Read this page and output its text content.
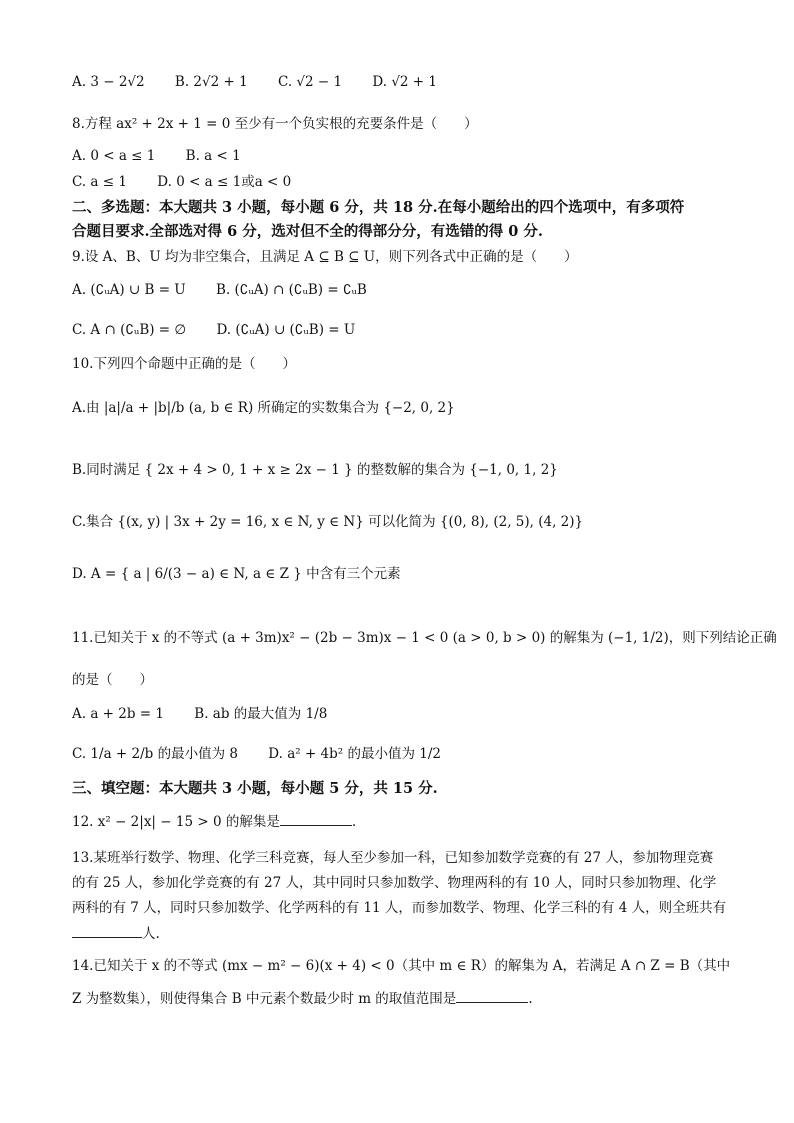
A. 3 − 2√2 B. 2√2 + 1 C. √2 − 1 D. √2 + 1
8.方程 ax² + 2x + 1 = 0 至少有一个负实根的充要条件是（　　）
A. 0 < a ≤ 1 B. a < 1
C. a ≤ 1 D. 0 < a ≤ 1或a < 0
二、多选题：本大题共 3 小题，每小题 6 分，共 18 分.在每小题给出的四个选项中，有多项符
合题目要求.全部选对得 6 分，选对但不全的得部分分，有选错的得 0 分.
9.设 A、B、U 均为非空集合，且满足 A ⊆ B ⊆ U，则下列各式中正确的是（　　）
A. (∁ᵤA) ∪ B = U B. (∁ᵤA) ∩ (∁ᵤB) = ∁ᵤB
C. A ∩ (∁ᵤB) = ∅ D. (∁ᵤA) ∪ (∁ᵤB) = U
10.下列四个命题中正确的是（　　）
A.由 |a|/a + |b|/b (a, b ∈ R) 所确定的实数集合为 {−2, 0, 2}
B.同时满足 { 2x + 4 > 0, 1 + x ≥ 2x − 1 } 的整数解的集合为 {−1, 0, 1, 2}
C.集合 {(x, y) | 3x + 2y = 16, x ∈ N, y ∈ N} 可以化简为 {(0, 8), (2, 5), (4, 2)}
D. A = { a | 6/(3 − a) ∈ N, a ∈ Z } 中含有三个元素
11.已知关于 x 的不等式 (a + 3m)x² − (2b − 3m)x − 1 < 0 (a > 0, b > 0) 的解集为 (−1, 1/2)，则下列结论正确
的是（　　）
A. a + 2b = 1 B. ab 的最大值为 1/8
C. 1/a + 2/b 的最小值为 8 D. a² + 4b² 的最小值为 1/2
三、填空题：本大题共 3 小题，每小题 5 分，共 15 分.
12. x² − 2|x| − 15 > 0 的解集是	.
13.某班举行数学、物理、化学三科竞赛，每人至少参加一科，已知参加数学竞赛的有 27 人，参加物理竞赛
的有 25 人，参加化学竞赛的有 27 人，其中同时只参加数学、物理两科的有 10 人，同时只参加物理、化学
两科的有 7 人，同时只参加数学、化学两科的有 11 人，而参加数学、物理、化学三科的有 4 人，则全班共有
人.
14.已知关于 x 的不等式 (mx − m² − 6)(x + 4) < 0（其中 m ∈ R）的解集为 A，若满足 A ∩ Z = B（其中
Z 为整数集），则使得集合 B 中元素个数最少时 m 的取值范围是	.
